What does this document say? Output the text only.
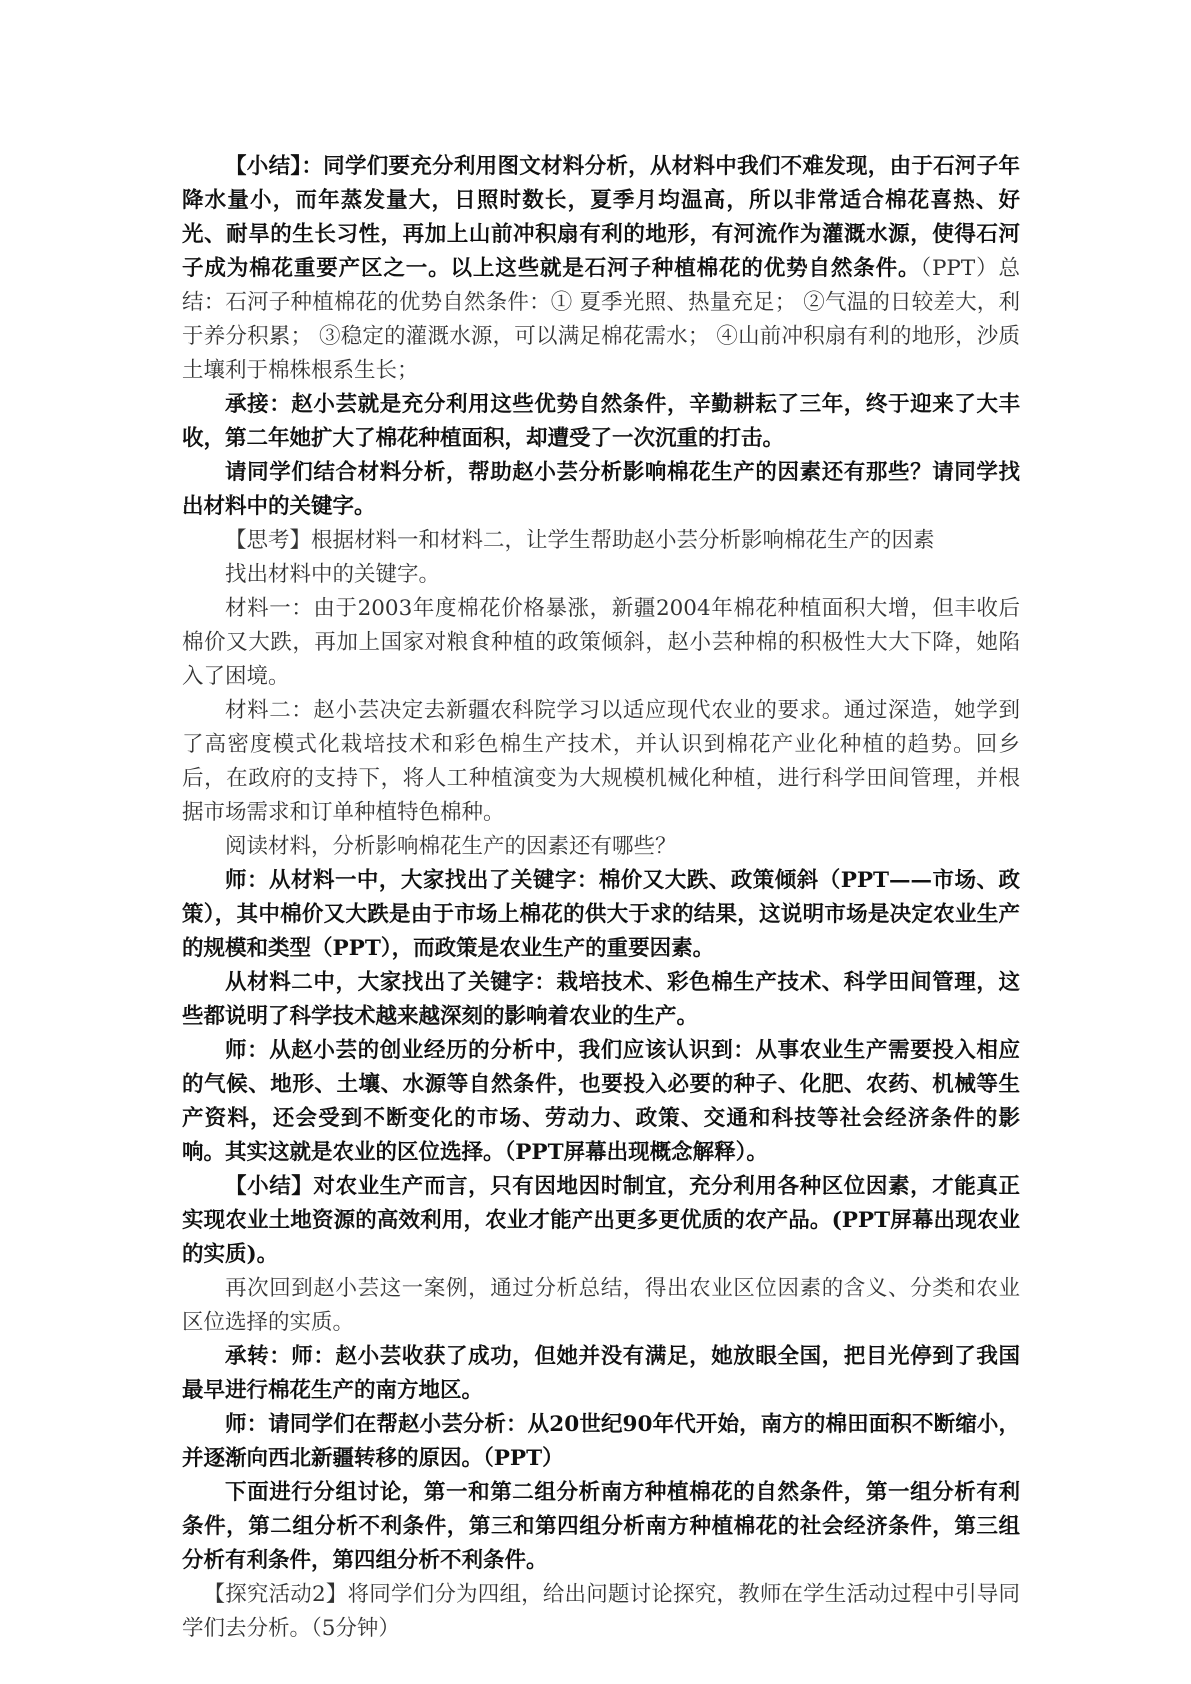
【小结】：同学们要充分利用图文材料分析，从材料中我们不难发现，由于石河子年降水量小，而年蒸发量大，日照时数长，夏季月均温高，所以非常适合棉花喜热、好光、耐旱的生长习性，再加上山前冲积扇有利的地形，有河流作为灌溉水源，使得石河子成为棉花重要产区之一。以上这些就是石河子种植棉花的优势自然条件。（PPT）总结：石河子种植棉花的优势自然条件：① 夏季光照、热量充足； ②气温的日较差大，利于养分积累； ③稳定的灌溉水源，可以满足棉花需水； ④山前冲积扇有利的地形，沙质土壤利于棉株根系生长；

承接：赵小芸就是充分利用这些优势自然条件，辛勤耕耘了三年，终于迎来了大丰收，第二年她扩大了棉花种植面积，却遭受了一次沉重的打击。

请同学们结合材料分析，帮助赵小芸分析影响棉花生产的因素还有那些？请同学找出材料中的关键字。

【思考】根据材料一和材料二，让学生帮助赵小芸分析影响棉花生产的因素

找出材料中的关键字。

材料一：由于2003年度棉花价格暴涨，新疆2004年棉花种植面积大增，但丰收后棉价又大跌，再加上国家对粮食种植的政策倾斜，赵小芸种棉的积极性大大下降，她陷入了困境。

材料二：赵小芸决定去新疆农科院学习以适应现代农业的要求。通过深造，她学到了高密度模式化栽培技术和彩色棉生产技术，并认识到棉花产业化种植的趋势。回乡后，在政府的支持下，将人工种植演变为大规模机械化种植，进行科学田间管理，并根据市场需求和订单种植特色棉种。

阅读材料，分析影响棉花生产的因素还有哪些？

师：从材料一中，大家找出了关键字：棉价又大跌、政策倾斜（PPT——市场、政策），其中棉价又大跌是由于市场上棉花的供大于求的结果，这说明市场是决定农业生产的规模和类型（PPT），而政策是农业生产的重要因素。

从材料二中，大家找出了关键字：栽培技术、彩色棉生产技术、科学田间管理，这些都说明了科学技术越来越深刻的影响着农业的生产。

师：从赵小芸的创业经历的分析中，我们应该认识到：从事农业生产需要投入相应的气候、地形、土壤、水源等自然条件，也要投入必要的种子、化肥、农药、机械等生产资料，还会受到不断变化的市场、劳动力、政策、交通和科技等社会经济条件的影响。其实这就是农业的区位选择。（PPT屏幕出现概念解释）。

【小结】对农业生产而言，只有因地因时制宜，充分利用各种区位因素，才能真正实现农业土地资源的高效利用，农业才能产出更多更优质的农产品。(PPT屏幕出现农业的实质)。

再次回到赵小芸这一案例，通过分析总结，得出农业区位因素的含义、分类和农业区位选择的实质。

承转：师：赵小芸收获了成功，但她并没有满足，她放眼全国，把目光停到了我国最早进行棉花生产的南方地区。

师：请同学们在帮赵小芸分析：从20世纪90年代开始，南方的棉田面积不断缩小，并逐渐向西北新疆转移的原因。（PPT）

下面进行分组讨论，第一和第二组分析南方种植棉花的自然条件，第一组分析有利条件，第二组分析不利条件，第三和第四组分析南方种植棉花的社会经济条件，第三组分析有利条件，第四组分析不利条件。

【探究活动2】将同学们分为四组，给出问题讨论探究，教师在学生活动过程中引导同学们去分析。（5分钟）
